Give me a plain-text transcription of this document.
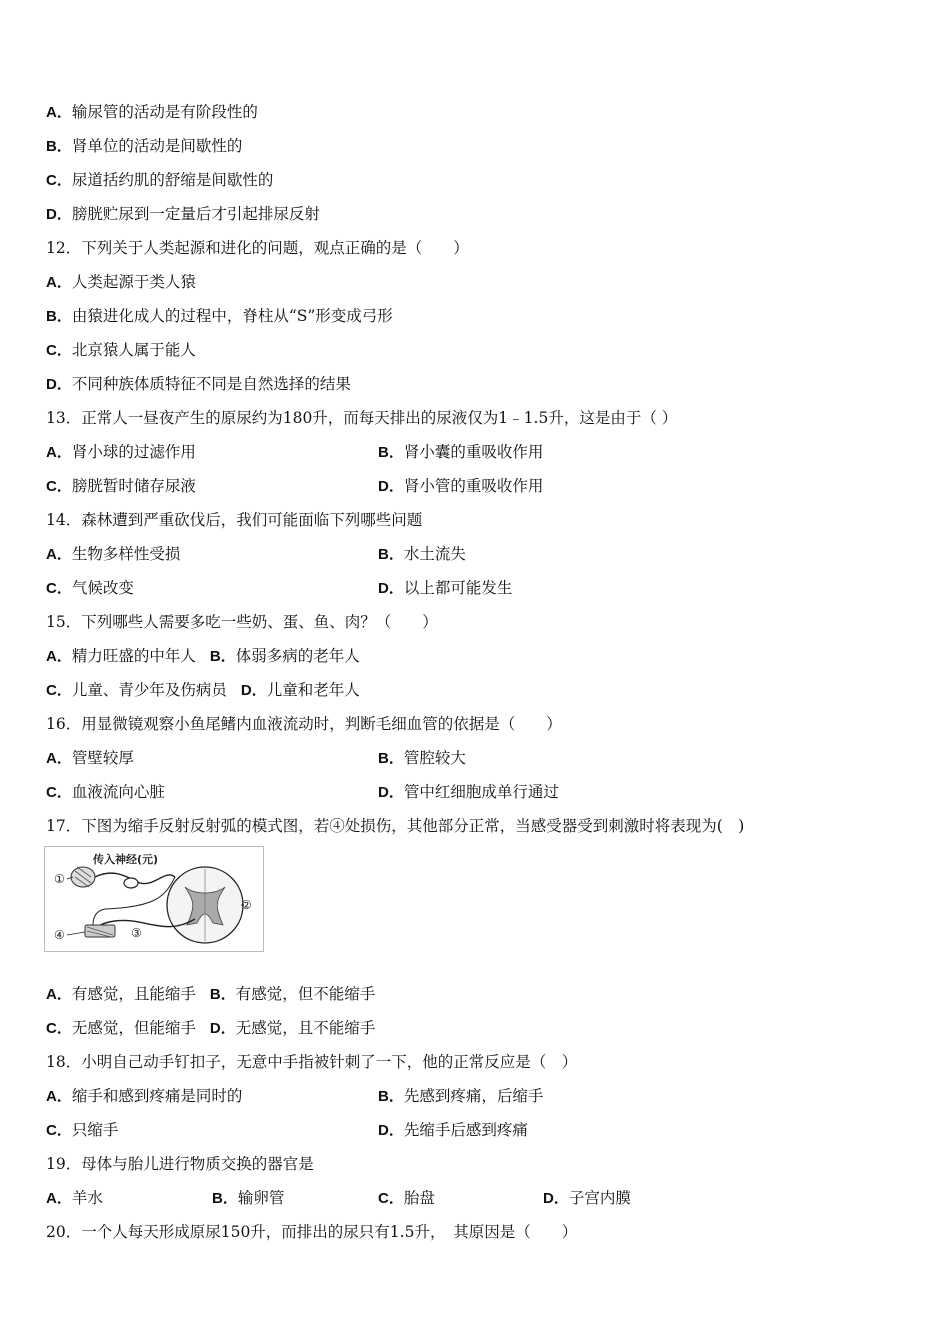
A．输尿管的活动是有阶段性的
B．肾单位的活动是间歇性的
C．尿道括约肌的舒缩是间歇性的
D．膀胱贮尿到一定量后才引起排尿反射
12．下列关于人类起源和进化的问题，观点正确的是（　　）
A．人类起源于类人猿
B．由猿进化成人的过程中，脊柱从“S”形变成弓形
C．北京猿人属于能人
D．不同种族体质特征不同是自然选择的结果
13．正常人一昼夜产生的原尿约为180升，而每天排出的尿液仅为1﹣1.5升，这是由于（ ）
A．肾小球的过滤作用	B．肾小囊的重吸收作用
C．膀胱暂时储存尿液	D．肾小管的重吸收作用
14．森林遭到严重砍伐后，我们可能面临下列哪些问题
A．生物多样性受损	B．水土流失
C．气候改变	D．以上都可能发生
15．下列哪些人需要多吃一些奶、蛋、鱼、肉？（　　）
A．精力旺盛的中年人 B．体弱多病的老年人
C．儿童、青少年及伤病员 D．儿童和老年人
16．用显微镜观察小鱼尾鳍内血液流动时，判断毛细血管的依据是（　　）
A．管壁较厚	B．管腔较大
C．血液流向心脏	D．管中红细胞成单行通过
17．下图为缩手反射反射弧的模式图，若④处损伤，其他部分正常，当感受器受到刺激时将表现为(　)
传入神经(元)
①
②
③
④
A．有感觉，且能缩手 B．有感觉，但不能缩手
C．无感觉，但能缩手 D．无感觉，且不能缩手
18．小明自己动手钉扣子，无意中手指被针刺了一下，他的正常反应是（　）
A．缩手和感到疼痛是同时的	B．先感到疼痛，后缩手
C．只缩手	D．先缩手后感到疼痛
19．母体与胎儿进行物质交换的器官是
A．羊水	B．输卵管	C．胎盘	D．子宫内膜
20．一个人每天形成原尿150升，而排出的尿只有1.5升，　其原因是（　　）
